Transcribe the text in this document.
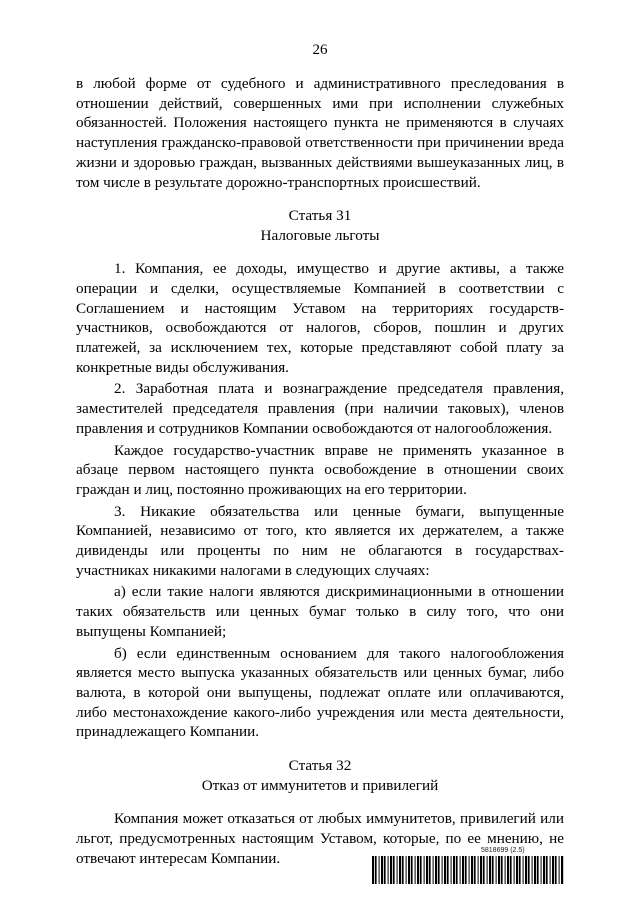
26

в любой форме от судебного и административного преследования в отношении действий, совершенных ими при исполнении служебных обязанностей. Положения настоящего пункта не применяются в случаях наступления гражданско-правовой ответственности при причинении вреда жизни и здоровью граждан, вызванных действиями вышеуказанных лиц, в том числе в результате дорожно-транспортных происшествий.

Статья 31
Налоговые льготы

1. Компания, ее доходы, имущество и другие активы, а также операции и сделки, осуществляемые Компанией в соответствии с Соглашением и настоящим Уставом на территориях государств-участников, освобождаются от налогов, сборов, пошлин и других платежей, за исключением тех, которые представляют собой плату за конкретные виды обслуживания.

2. Заработная плата и вознаграждение председателя правления, заместителей председателя правления (при наличии таковых), членов правления и сотрудников Компании освобождаются от налогообложения.

Каждое государство-участник вправе не применять указанное в абзаце первом настоящего пункта освобождение в отношении своих граждан и лиц, постоянно проживающих на его территории.

3. Никакие обязательства или ценные бумаги, выпущенные Компанией, независимо от того, кто является их держателем, а также дивиденды или проценты по ним не облагаются в государствах-участниках никакими налогами в следующих случаях:

а) если такие налоги являются дискриминационными в отношении таких обязательств или ценных бумаг только в силу того, что они выпущены Компанией;

б) если единственным основанием для такого налогообложения является место выпуска указанных обязательств или ценных бумаг, либо валюта, в которой они выпущены, подлежат оплате или оплачиваются, либо местонахождение какого-либо учреждения или места деятельности, принадлежащего Компании.

Статья 32
Отказ от иммунитетов и привилегий

Компания может отказаться от любых иммунитетов, привилегий или льгот, предусмотренных настоящим Уставом, которые, по ее мнению, не отвечают интересам Компании.	5818699 (2.5)
